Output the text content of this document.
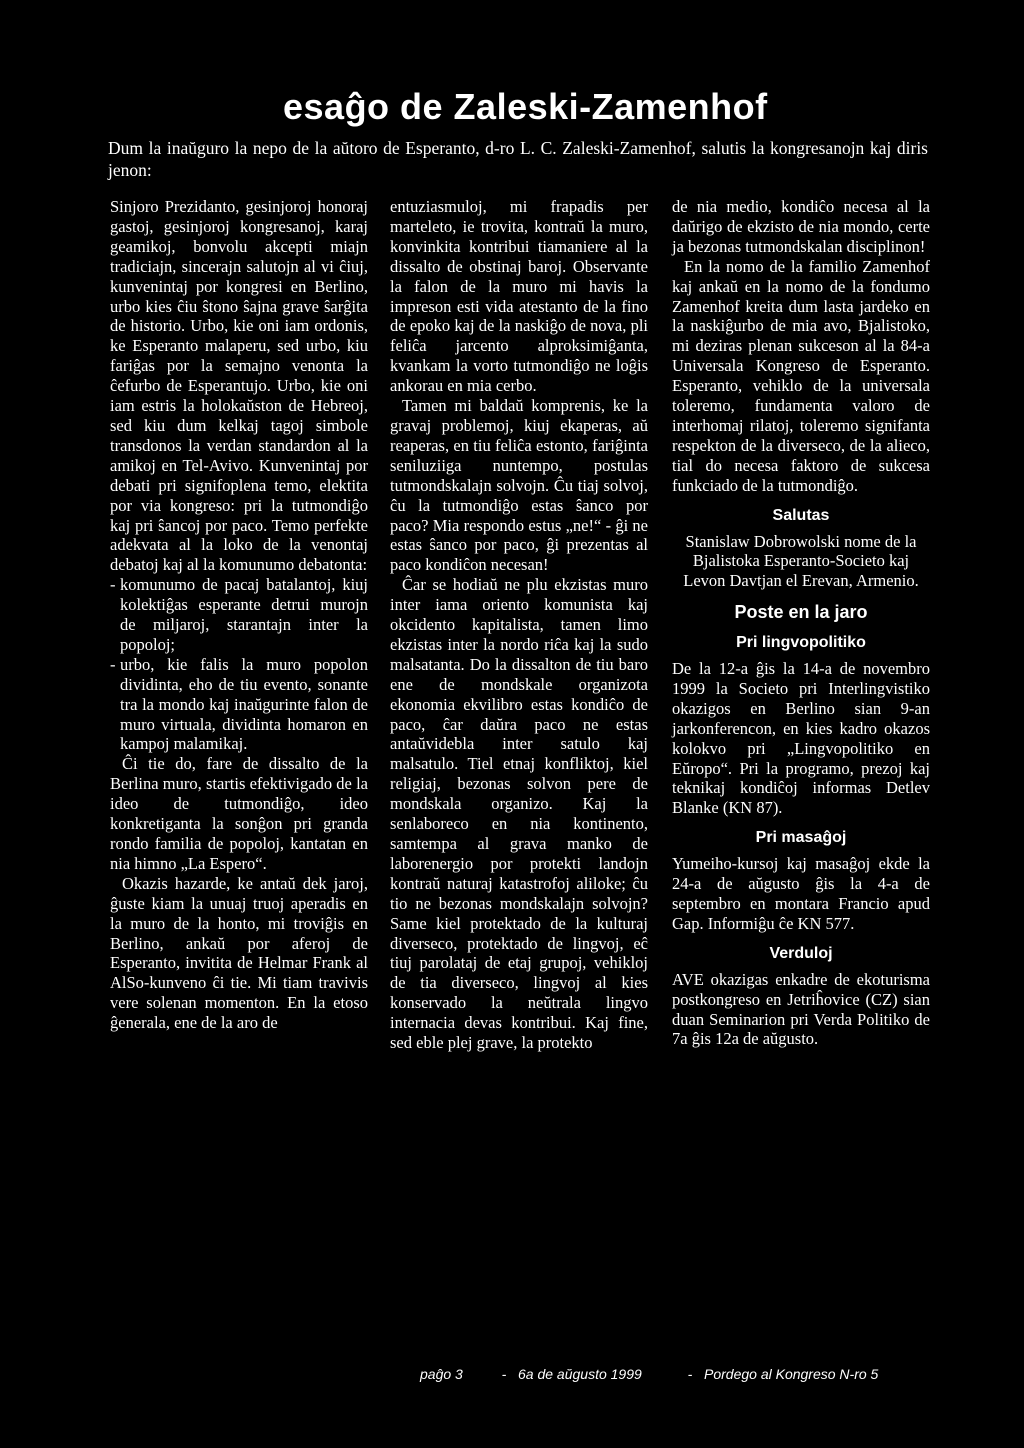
esaĝo de Zaleski-Zamenhof
Dum la inaŭguro la nepo de la aŭtoro de Esperanto, d-ro L. C. Zaleski-Zamenhof, salutis la kongresanojn kaj diris jenon:

Sinjoro Prezidanto, gesinjoroj honoraj gastoj, gesinjoroj kongresanoj, karaj geamikoj, bonvolu akcepti miajn tradiciajn, sincerajn salutojn al vi ĉiuj, kunvenintaj por kongresi en Berlino, urbo kies ĉiu ŝtono ŝajna grave ŝarĝita de historio. Urbo, kie oni iam ordonis, ke Esperanto malaperu, sed urbo, kiu fariĝas por la semajno venonta la ĉefurbo de Esperantujo. Urbo, kie oni iam estris la holokaŭston de Hebreoj, sed kiu dum kelkaj tagoj simbole transdonos la verdan standardon al la amikoj en Tel-Avivo. Kunvenintaj por debati pri signifoplena temo, elektita por via kongreso: pri la tutmondiĝo kaj pri ŝancoj por paco. Temo perfekte adekvata al la loko de la venontaj debatoj kaj al la komunumo debatonta:

- komunumo de pacaj batalantoj, kiuj kolektiĝas esperante detrui murojn de miljaroj, starantajn inter la popoloj;
- urbo, kie falis la muro popolon dividinta, eho de tiu evento, sonante tra la mondo kaj inaŭgurinte falon de muro virtuala, dividinta homaron en kampoj malamikaj.

Ĉi tie do, fare de dissalto de la Berlina muro, startis efektivigado de la ideo de tutmondiĝo, ideo konkretiganta la sonĝon pri granda rondo familia de popoloj, kantatan en nia himno „La Espero“.

Okazis hazarde, ke antaŭ dek jaroj, ĝuste kiam la unuaj truoj aperadis en la muro de la honto, mi troviĝis en Berlino, ankaŭ por aferoj de Esperanto, invitita de Helmar Frank al AlSo-kunveno ĉi tie. Mi tiam travivis vere solenan momenton. En la etoso ĝenerala, ene de la aro de

entuziasmuloj, mi frapadis per marteleto, ie trovita, kontraŭ la muro, konvinkita kontribui tiamaniere al la dissalto de obstinaj baroj. Observante la falon de la muro mi havis la impreson esti vida atestanto de la fino de epoko kaj de la naskiĝo de nova, pli feliĉa jarcento alproksimiĝanta, kvankam la vorto tutmondiĝo ne loĝis ankorau en mia cerbo.

Tamen mi baldaŭ komprenis, ke la gravaj problemoj, kiuj ekaperas, aŭ reaperas, en tiu feliĉa estonto, fariĝinta seniluziiga nuntempo, postulas tutmondskalajn solvojn. Ĉu tiaj solvoj, ĉu la tutmondiĝo estas ŝanco por paco? Mia respondo estus „ne!“ - ĝi ne estas ŝanco por paco, ĝi prezentas al paco kondiĉon necesan!

Ĉar se hodiaŭ ne plu ekzistas muro inter iama oriento komunista kaj okcidento kapitalista, tamen limo ekzistas inter la nordo riĉa kaj la sudo malsatanta. Do la dissalton de tiu baro ene de mondskale organizota ekonomia ekvilibro estas kondiĉo de paco, ĉar daŭra paco ne estas antaŭvidebla inter satulo kaj malsatulo. Tiel etnaj konfliktoj, kiel religiaj, bezonas solvon pere de mondskala organizo. Kaj la senlaboreco en nia kontinento, samtempa al grava manko de laborenergio por protekti landojn kontraŭ naturaj katastrofoj aliloke; ĉu tio ne bezonas mondskalajn solvojn? Same kiel protektado de la kulturaj diverseco, protektado de lingvoj, eĉ tiuj parolataj de etaj grupoj, vehikloj de tia diverseco, lingvoj al kies konservado la neŭtrala lingvo internacia devas kontribui. Kaj fine, sed eble plej grave, la protekto

de nia medio, kondiĉo necesa al la daŭrigo de ekzisto de nia mondo, certe ja bezonas tutmondskalan disciplinon!

En la nomo de la familio Zamenhof kaj ankaŭ en la nomo de la fondumo Zamenhof kreita dum lasta jardeko en la naskiĝurbo de mia avo, Bjalistoko, mi deziras plenan sukceson al la 84-a Universala Kongreso de Esperanto. Esperanto, vehiklo de la universala toleremo, fundamenta valoro de interhomaj rilatoj, toleremo signifanta respekton de la diverseco, de la alieco, tial do necesa faktoro de sukcesa funkciado de la tutmondiĝo.

Salutas

Stanislaw Dobrowolski nome de la Bjalistoka Esperanto-Societo kaj Levon Davtjan el Erevan, Armenio.

Poste en la jaro
Pri lingvopolitiko

De la 12-a ĝis la 14-a de novembro 1999 la Societo pri Interlingvistiko okazigos en Berlino sian 9-an jarkonferencon, en kies kadro okazos kolokvo pri „Lingvopolitiko en Eŭropo“. Pri la programo, prezoj kaj teknikaj kondiĉoj informas Detlev Blanke (KN 87).

Pri masaĝoj

Yumeiho-kursoj kaj masaĝoj ekde la 24-a de aŭgusto ĝis la 4-a de septembro en montara Francio apud Gap. Informiĝu ĉe KN 577.

Verduloj

AVE okazigas enkadre de ekoturisma postkongreso en Jetriĥovice (CZ) sian duan Seminarion pri Verda Politiko de 7a ĝis 12a de aŭgusto.

paĝo 3	- 6a de aŭgusto 1999	- Pordego al Kongreso N-ro 5
